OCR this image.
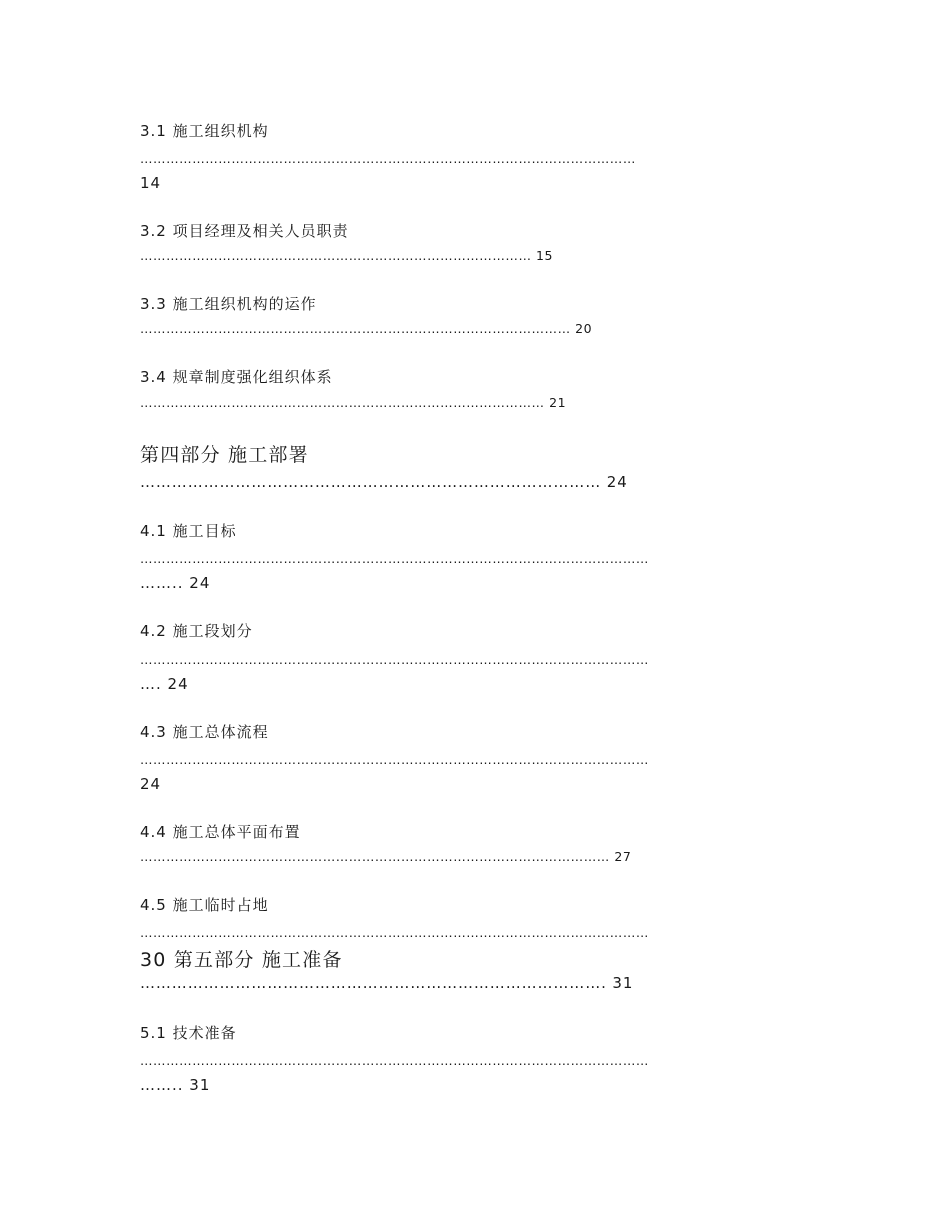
3.1 施工组织机构
……………………………………………………………………………………………………
14
3.2 项目经理及相关人员职责
……………………………………………………………………………… 15
3.3 施工组织机构的运作
……………………………………………………………………………………… 20
3.4 规章制度强化组织体系
………………………………………………………………………………… 21
第四部分 施工部署
…………………………………………………………………………… 24
4.1 施工目标
………………………………………………………………………………………………………
…….. 24
4.2 施工段划分
………………………………………………………………………………………………………
…. 24
4.3 施工总体流程
………………………………………………………………………………………………………
24
4.4 施工总体平面布置
……………………………………………………………………………………………… 27
4.5 施工临时占地
………………………………………………………………………………………………………
30 第五部分 施工准备
……………………………………………………………………………. 31
5.1 技术准备
………………………………………………………………………………………………………
…….. 31
